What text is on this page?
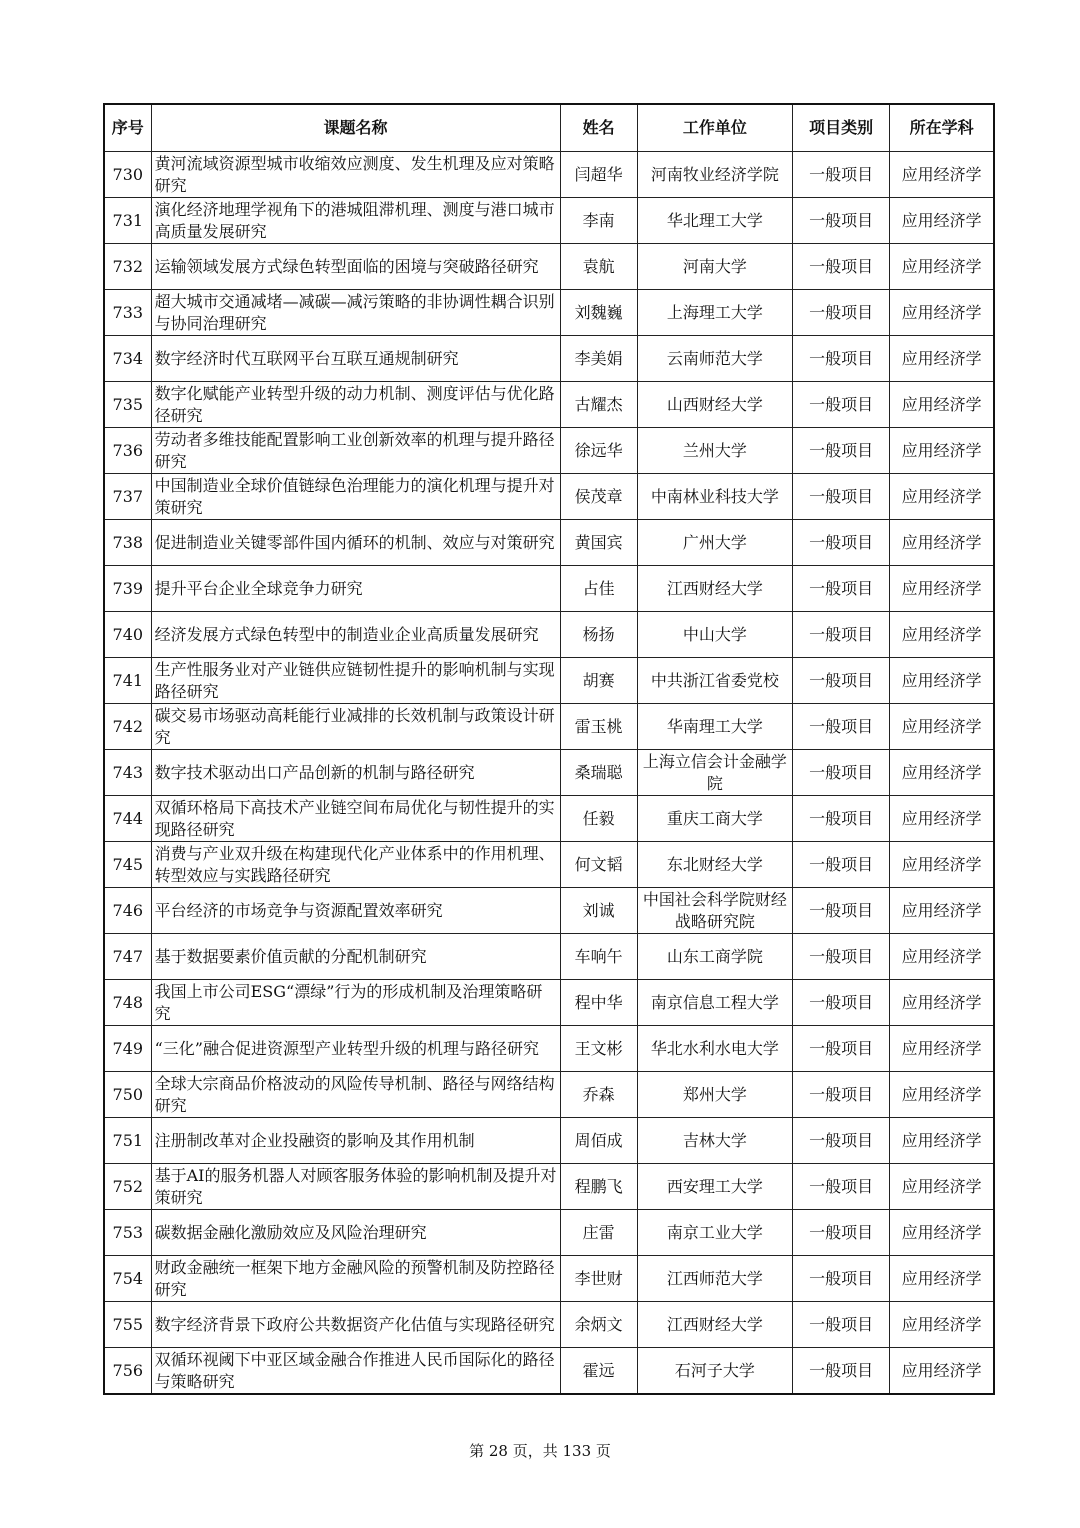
序号	课题名称	姓名	工作单位	项目类别	所在学科
730	黄河流域资源型城市收缩效应测度、发生机理及应对策略研究	闫超华	河南牧业经济学院	一般项目	应用经济学
731	演化经济地理学视角下的港城阻滞机理、测度与港口城市高质量发展研究	李南	华北理工大学	一般项目	应用经济学
732	运输领域发展方式绿色转型面临的困境与突破路径研究	袁航	河南大学	一般项目	应用经济学
733	超大城市交通减堵—减碳—减污策略的非协调性耦合识别与协同治理研究	刘魏巍	上海理工大学	一般项目	应用经济学
734	数字经济时代互联网平台互联互通规制研究	李美娟	云南师范大学	一般项目	应用经济学
735	数字化赋能产业转型升级的动力机制、测度评估与优化路径研究	古耀杰	山西财经大学	一般项目	应用经济学
736	劳动者多维技能配置影响工业创新效率的机理与提升路径研究	徐远华	兰州大学	一般项目	应用经济学
737	中国制造业全球价值链绿色治理能力的演化机理与提升对策研究	侯茂章	中南林业科技大学	一般项目	应用经济学
738	促进制造业关键零部件国内循环的机制、效应与对策研究	黄国宾	广州大学	一般项目	应用经济学
739	提升平台企业全球竞争力研究	占佳	江西财经大学	一般项目	应用经济学
740	经济发展方式绿色转型中的制造业企业高质量发展研究	杨扬	中山大学	一般项目	应用经济学
741	生产性服务业对产业链供应链韧性提升的影响机制与实现路径研究	胡赛	中共浙江省委党校	一般项目	应用经济学
742	碳交易市场驱动高耗能行业减排的长效机制与政策设计研究	雷玉桃	华南理工大学	一般项目	应用经济学
743	数字技术驱动出口产品创新的机制与路径研究	桑瑞聪	上海立信会计金融学院	一般项目	应用经济学
744	双循环格局下高技术产业链空间布局优化与韧性提升的实现路径研究	任毅	重庆工商大学	一般项目	应用经济学
745	消费与产业双升级在构建现代化产业体系中的作用机理、转型效应与实践路径研究	何文韬	东北财经大学	一般项目	应用经济学
746	平台经济的市场竞争与资源配置效率研究	刘诚	中国社会科学院财经战略研究院	一般项目	应用经济学
747	基于数据要素价值贡献的分配机制研究	车响午	山东工商学院	一般项目	应用经济学
748	我国上市公司ESG“漂绿”行为的形成机制及治理策略研究	程中华	南京信息工程大学	一般项目	应用经济学
749	“三化”融合促进资源型产业转型升级的机理与路径研究	王文彬	华北水利水电大学	一般项目	应用经济学
750	全球大宗商品价格波动的风险传导机制、路径与网络结构研究	乔森	郑州大学	一般项目	应用经济学
751	注册制改革对企业投融资的影响及其作用机制	周佰成	吉林大学	一般项目	应用经济学
752	基于AI的服务机器人对顾客服务体验的影响机制及提升对策研究	程鹏飞	西安理工大学	一般项目	应用经济学
753	碳数据金融化激励效应及风险治理研究	庄雷	南京工业大学	一般项目	应用经济学
754	财政金融统一框架下地方金融风险的预警机制及防控路径研究	李世财	江西师范大学	一般项目	应用经济学
755	数字经济背景下政府公共数据资产化估值与实现路径研究	余炳文	江西财经大学	一般项目	应用经济学
756	双循环视阈下中亚区域金融合作推进人民币国际化的路径与策略研究	霍远	石河子大学	一般项目	应用经济学
第 28 页，共 133 页
